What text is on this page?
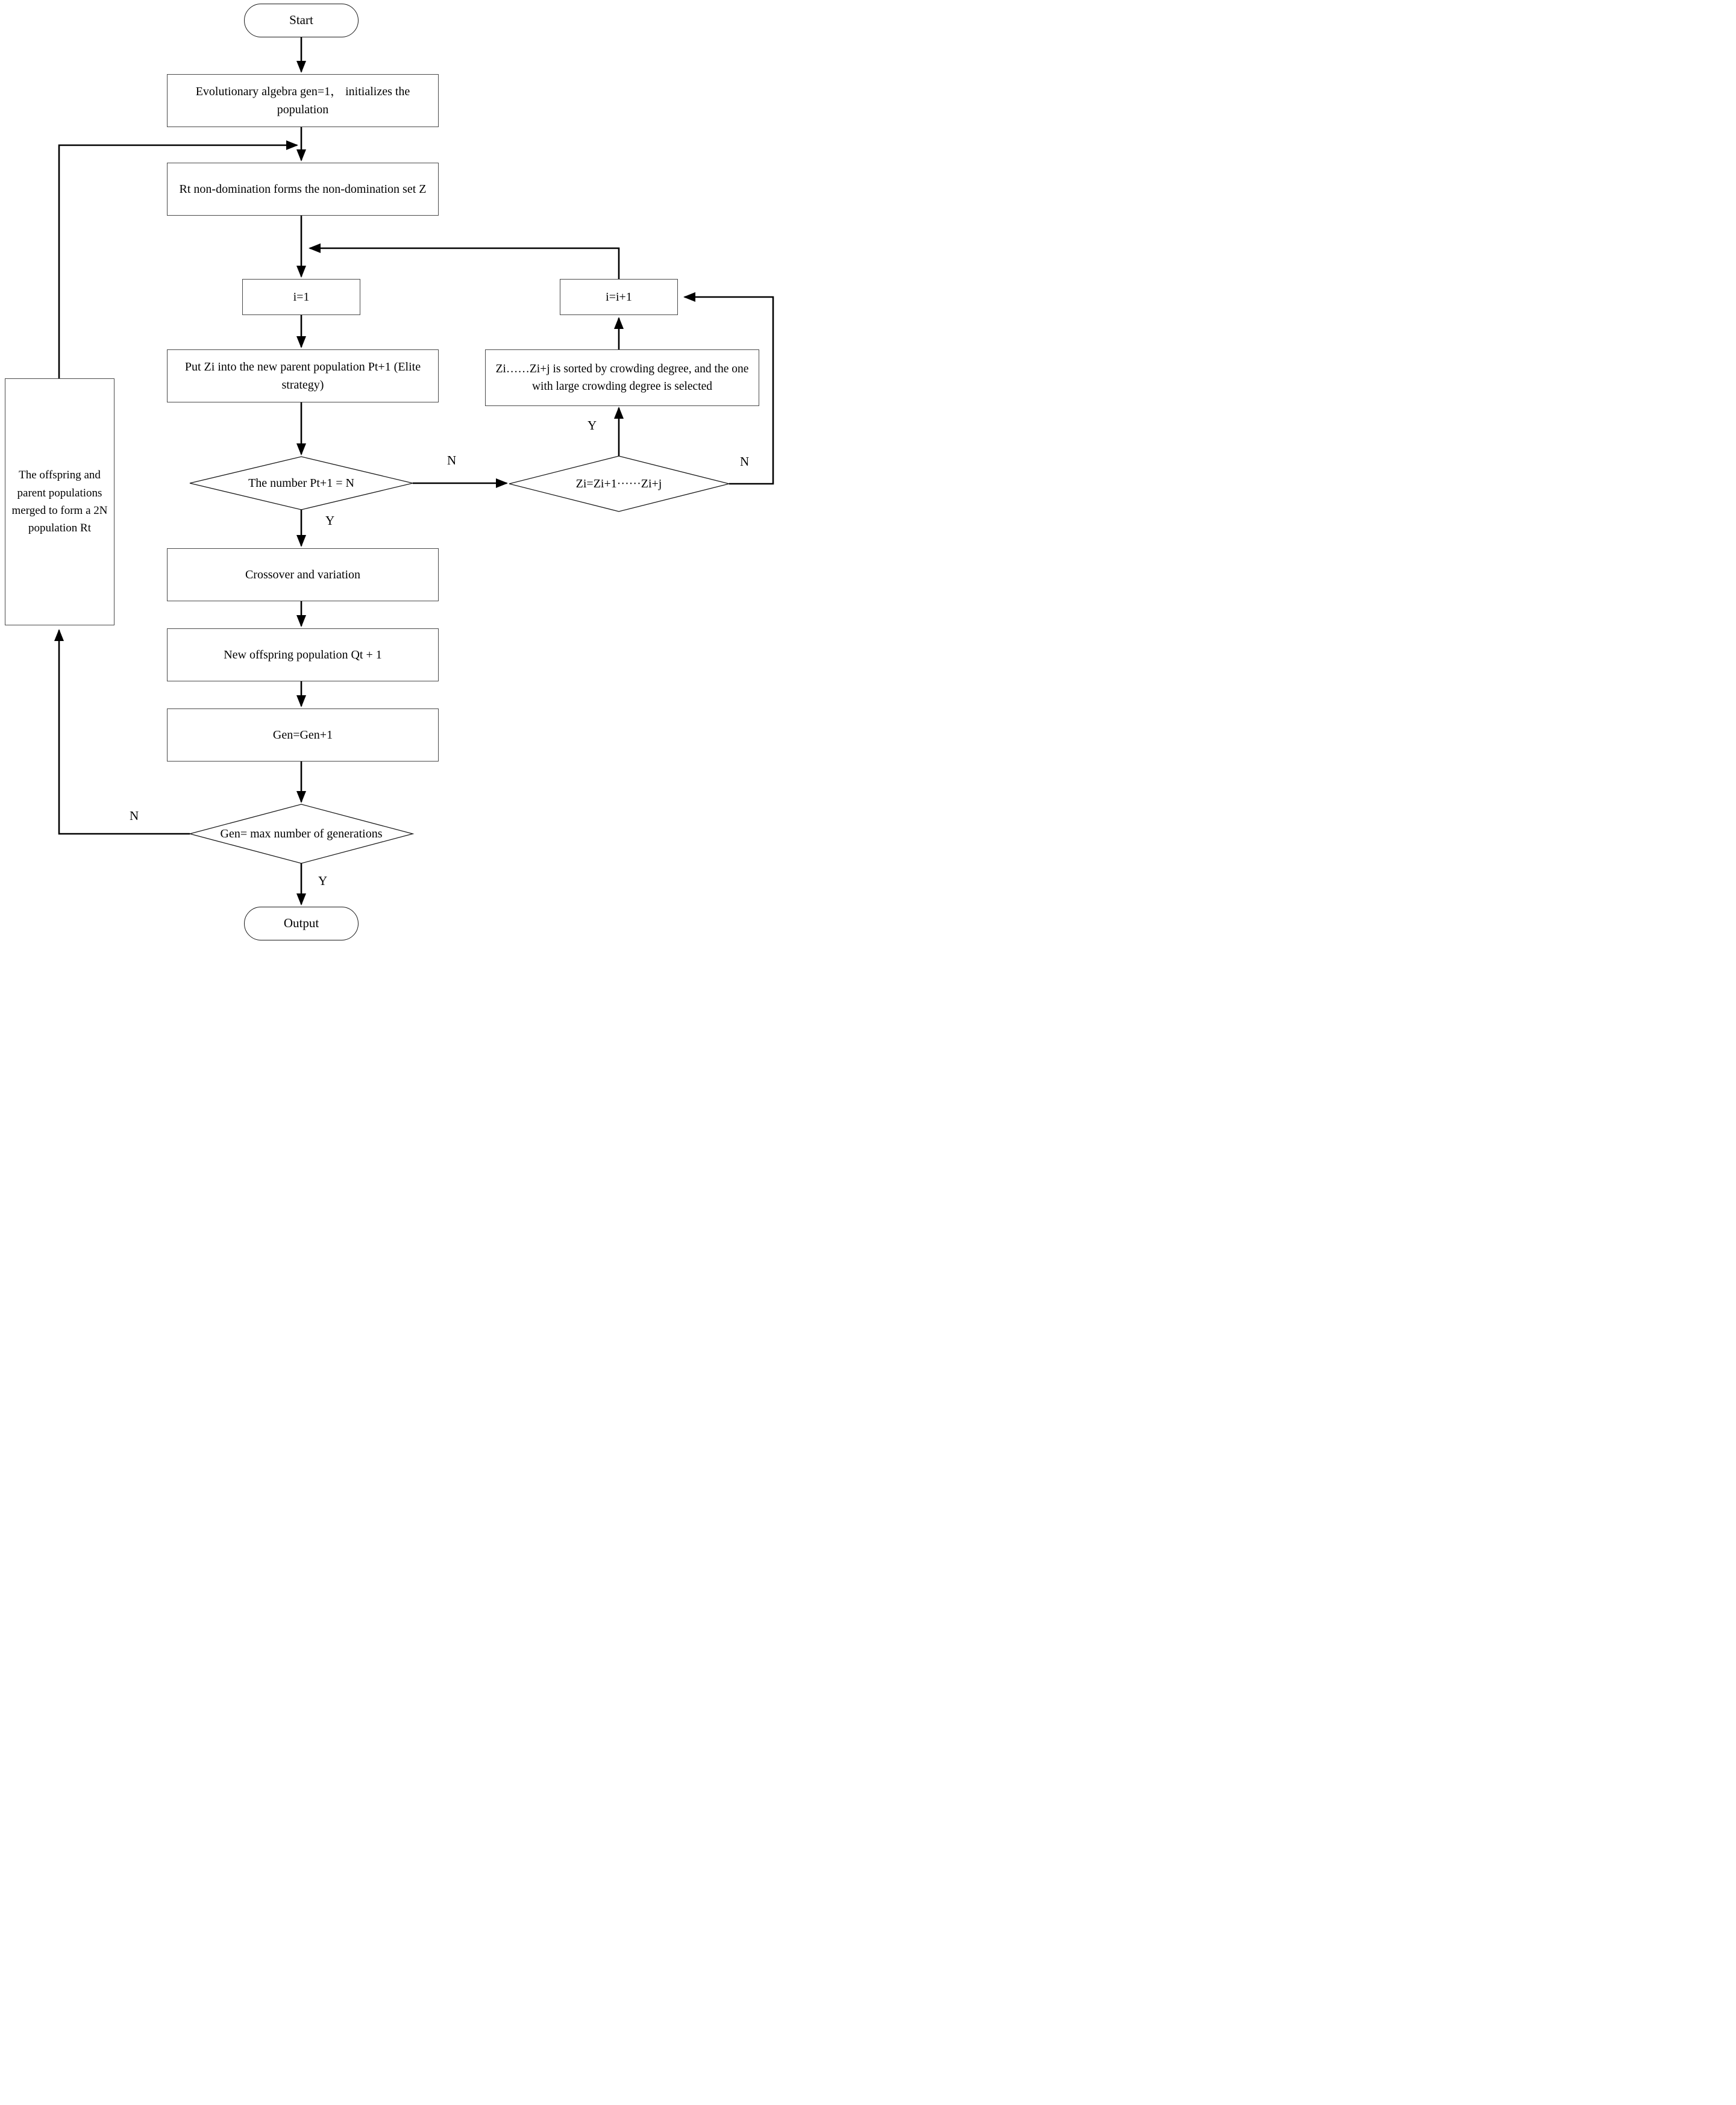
Start
Output
Evolutionary algebra gen=1， initializes the population
Rt non-domination forms the non-domination set Z
i=1	i=i+1
Put Zi into the new parent population Pt+1 (Elite strategy)
Zi……Zi+j is sorted by crowding degree, and the one with large crowding degree is selected
The offspring and parent populations merged to form a 2N population Rt
Crossover and variation
New offspring population Qt + 1
Gen=Gen+1
The number Pt+1 = N	Zi=Zi+1······Zi+j
Gen= max number of generations
N
Y
Y
N
N
Y
